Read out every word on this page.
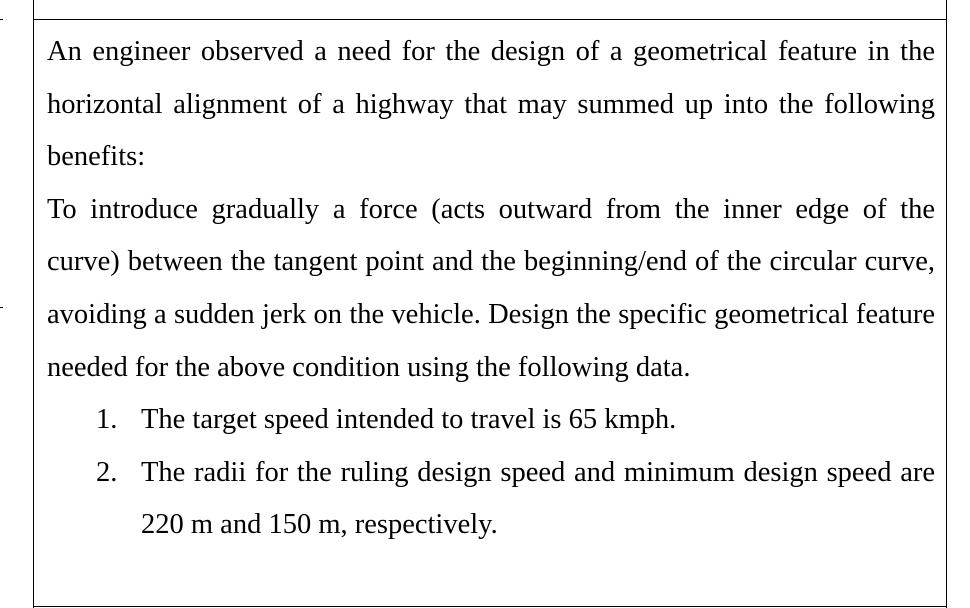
An engineer observed a need for the design of a geometrical feature in the horizontal alignment of a highway that may summed up into the following benefits:

To introduce gradually a force (acts outward from the inner edge of the curve) between the tangent point and the beginning/end of the circular curve, avoiding a sudden jerk on the vehicle. Design the specific geometrical feature needed for the above condition using the following data.

1. The target speed intended to travel is 65 kmph.
2. The radii for the ruling design speed and minimum design speed are 220 m and 150 m, respectively.
